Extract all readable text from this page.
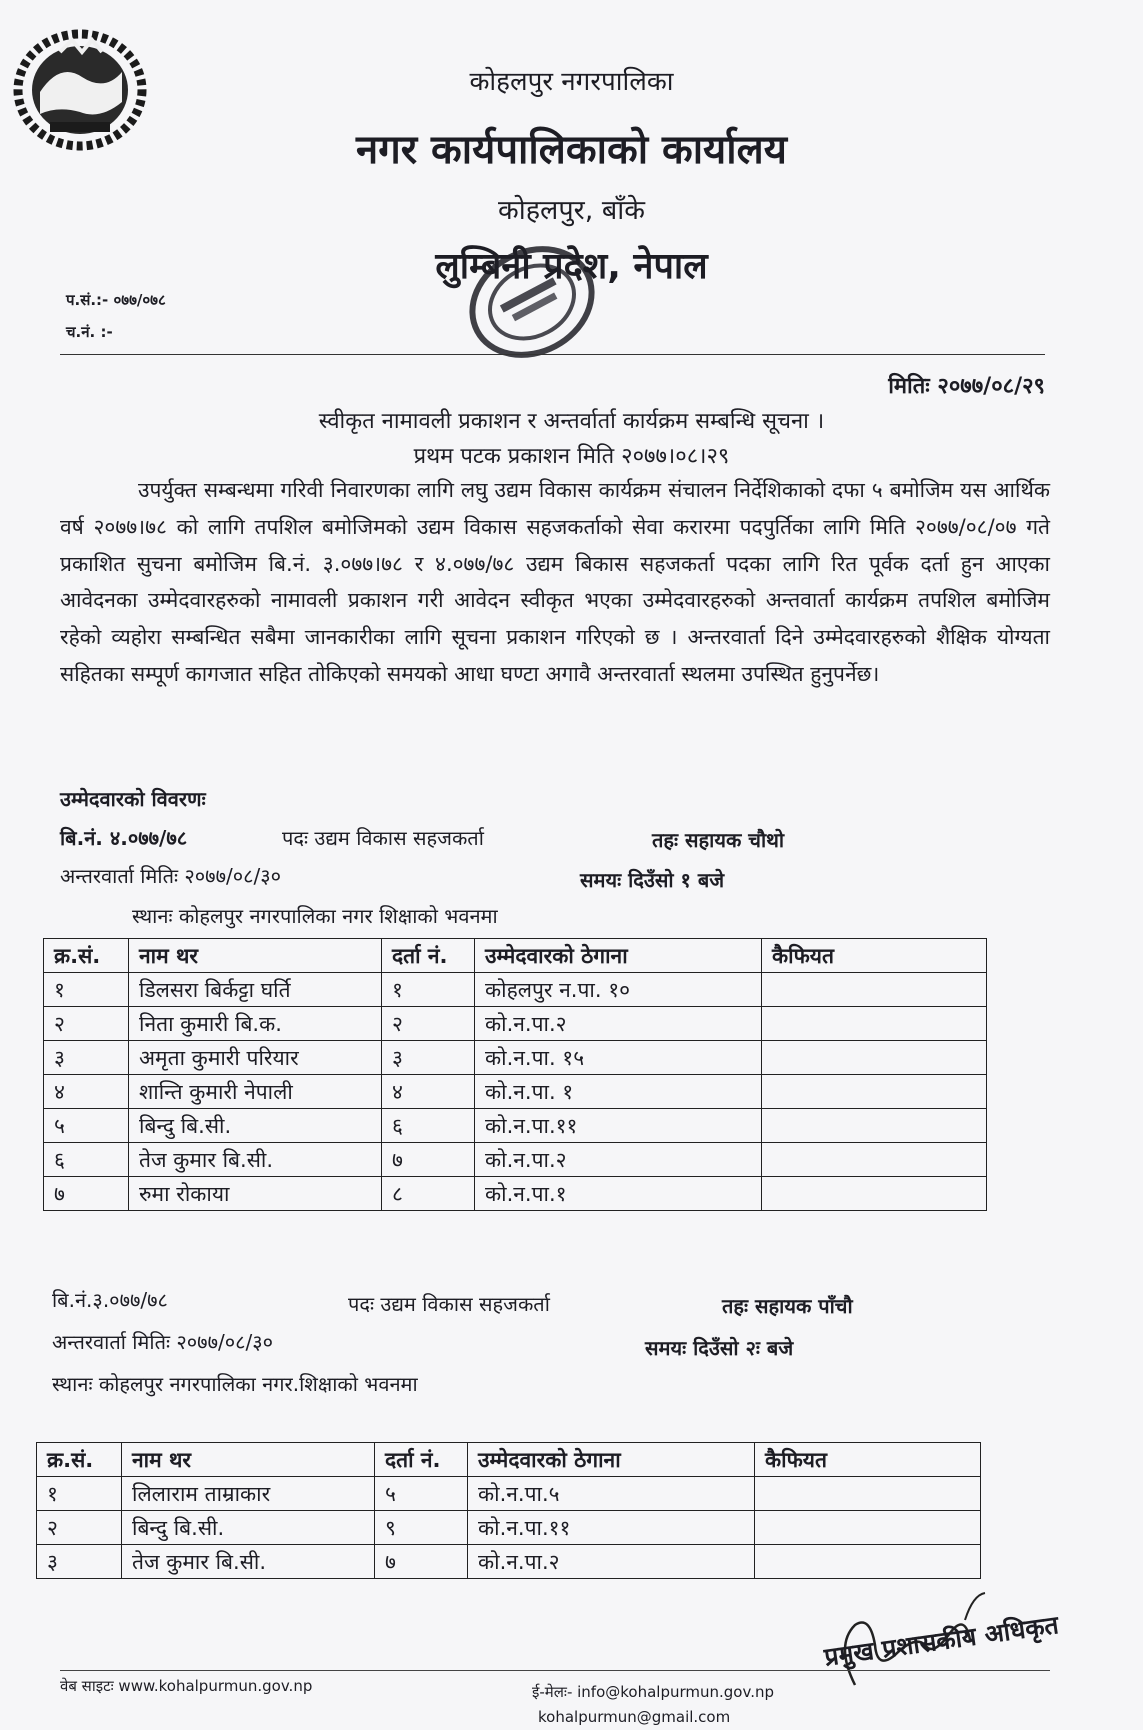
कोहलपुर नगरपालिका
नगर कार्यपालिकाको कार्यालय
कोहलपुर, बाँके
लुम्बिनी प्रदेश, नेपाल
प.सं.:- ०७७/०७८
च.नं. :-
मितिः २०७७/०८/२९
स्वीकृत नामावली प्रकाशन र अन्तर्वार्ता कार्यक्रम सम्बन्धि सूचना ।
प्रथम पटक प्रकाशन मिति २०७७।०८।२९
उपर्युक्त सम्बन्धमा गरिवी निवारणका लागि लघु उद्यम विकास कार्यक्रम संचालन निर्देशिकाको दफा ५ बमोजिम यस आर्थिक वर्ष २०७७।७८ को लागि तपशिल बमोजिमको उद्यम विकास सहजकर्ताको सेवा करारमा पदपुर्तिका लागि मिति २०७७/०८/०७ गते प्रकाशित सुचना बमोजिम बि.नं. ३.०७७।७८ र ४.०७७/७८ उद्यम बिकास सहजकर्ता पदका लागि रित पूर्वक दर्ता हुन आएका आवेदनका उम्मेदवारहरुको नामावली प्रकाशन गरी आवेदन स्वीकृत भएका उम्मेदवारहरुको अन्तवार्ता कार्यक्रम तपशिल बमोजिम रहेको व्यहोरा सम्बन्धित सबैमा जानकारीका लागि सूचना प्रकाशन गरिएको छ । अन्तरवार्ता दिने उम्मेदवारहरुको शैक्षिक योग्यता सहितका सम्पूर्ण कागजात सहित तोकिएको समयको आधा घण्टा अगावै अन्तरवार्ता स्थलमा उपस्थित हुनुपर्नेछ।
उम्मेदवारको विवरणः
बि.नं. ४.०७७/७८	पदः उद्यम विकास सहजकर्ता	तहः सहायक चौथो
अन्तरवार्ता मितिः २०७७/०८/३०	समयः दिउँसो १ बजे
स्थानः कोहलपुर नगरपालिका नगर शिक्षाको भवनमा
क्र.सं.	नाम थर	दर्ता नं.	उम्मेदवारको ठेगाना	कैफियत
१	डिलसरा बिर्कट्टा घर्ति	१	कोहलपुर न.पा. १०	
२	निता कुमारी बि.क.	२	को.न.पा.२	
३	अमृता कुमारी परियार	३	को.न.पा. १५	
४	शान्ति कुमारी नेपाली	४	को.न.पा. १	
५	बिन्दु बि.सी.	६	को.न.पा.११	
६	तेज कुमार बि.सी.	७	को.न.पा.२	
७	रुमा रोकाया	८	को.न.पा.१	
बि.नं.३.०७७/७८	पदः उद्यम विकास सहजकर्ता	तहः सहायक पाँचौ
अन्तरवार्ता मितिः २०७७/०८/३०	समयः दिउँसो २ः बजे
स्थानः कोहलपुर नगरपालिका नगर.शिक्षाको भवनमा
क्र.सं.	नाम थर	दर्ता नं.	उम्मेदवारको ठेगाना	कैफियत
१	लिलाराम ताम्राकार	५	को.न.पा.५	
२	बिन्दु बि.सी.	९	को.न.पा.११	
३	तेज कुमार बि.सी.	७	को.न.पा.२	
प्रमुख प्रशासकीय अधिकृत
वेब साइटः www.kohalpurmun.gov.np	ई-मेलः- info@kohalpurmun.gov.np
kohalpurmun@gmail.com
